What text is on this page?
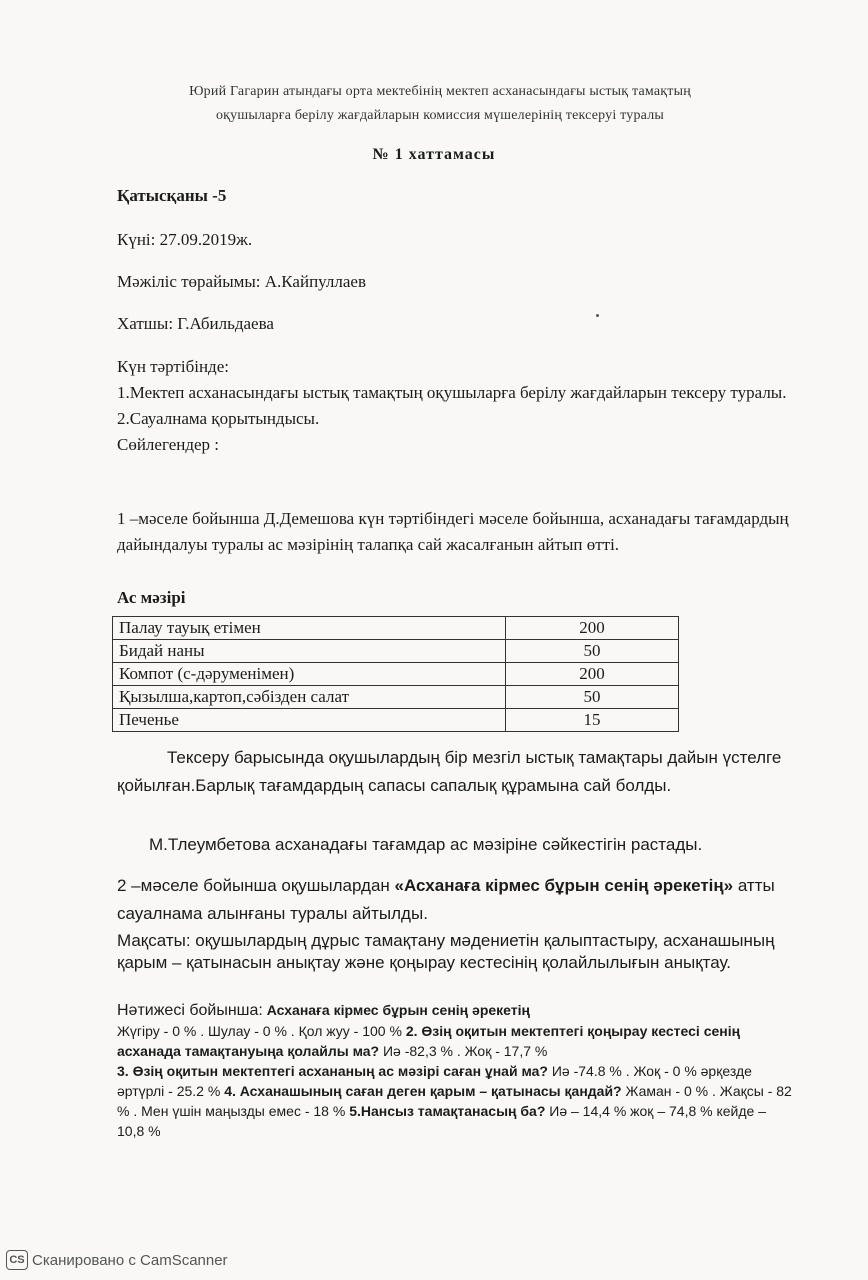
Юрий Гагарин атындағы орта мектебінің мектеп асханасындағы ыстық тамақтың
оқушыларға берілу жағдайларын комиссия мүшелерінің тексеруі туралы
№ 1 хаттамасы
Қатысқаны -5
Күні: 27.09.2019ж.
Мәжіліс төрайымы: А.Кайпуллаев
Хатшы: Г.Абильдаева

Күн тәртібінде:

1.Мектеп асханасындағы ыстық тамақтың оқушыларға берілу жағдайларын тексеру туралы.

2.Сауалнама қорытындысы.

Сөйлегендер :

1 –мәселе бойынша Д.Демешова күн тәртібіндегі мәселе бойынша, асханадағы тағамдардың дайындалуы туралы ас мәзірінің талапқа сай жасалғанын айтып өтті.
Ас мәзірі
Палау тауық етімен	200
Бидай наны	50
Компот (с-дәруменімен)	200
Қызылша,картоп,сәбізден салат	50
Печенье	15
Тексеру барысында оқушылардың бір мезгіл ыстық тамақтары дайын үстелге қойылған.Барлық тағамдардың сапасы сапалық құрамына сай болды.
М.Тлеумбетова асханадағы тағамдар ас мәзіріне сәйкестігін растады.
2 –мәселе бойынша оқушылардан «Асханаға кірмес бұрын сенің әрекетің» атты сауалнама алынғаны туралы айтылды.
Мақсаты: оқушылардың дұрыс тамақтану мәдениетін қалыптастыру, асханашының қарым – қатынасын анықтау және қоңырау кестесінің қолайлылығын анықтау.
Нәтижесі бойынша: Асханаға кірмес бұрын сенің әрекетің
Жүгіру - 0 % . Шулау - 0 % . Қол жуу - 100 % 2. Өзің оқитын мектептегі қоңырау кестесі сенің асханада тамақтануыңа қолайлы ма? Иә -82,3 % . Жоқ - 17,7 %
3. Өзің оқитын мектептегі асхананың ас мәзірі саған ұнай ма? Иә -74.8 % . Жоқ - 0 % әрқезде әртүрлі - 25.2 % 4. Асханашының саған деген қарым – қатынасы қандай? Жаман - 0 % . Жақсы - 82 % . Мен үшін маңызды емес - 18 % 5.Нансыз тамақтанасың ба? Иә – 14,4 % жоқ – 74,8 % кейде – 10,8 %
CS Сканировано с CamScanner
